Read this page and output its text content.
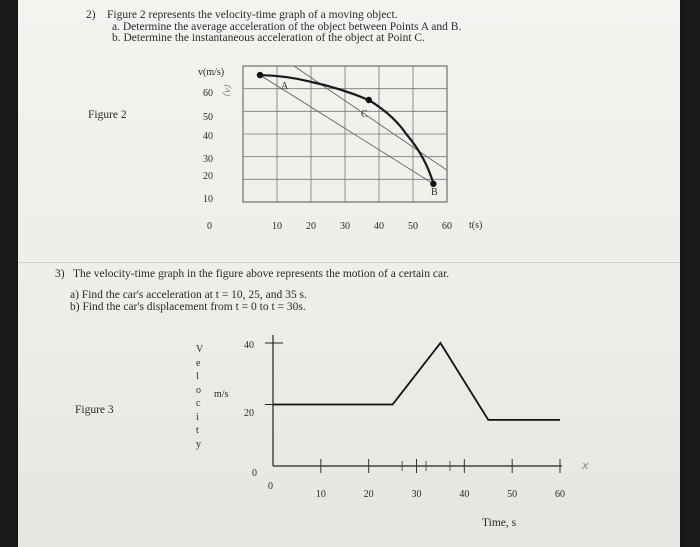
2) Figure 2 represents the velocity-time graph of a moving object.
a. Determine the average acceleration of the object between Points A and B.
b. Determine the instantaneous acceleration of the object at Point C.
Figure 2
v(m/s)
t(s)
60
50
40
30
20
10
0	10 20 30 40 50 60
A
C
B
(v)
3) The velocity-time graph in the figure above represents the motion of a certain car.
a) Find the car's acceleration at t = 10, 25, and 35 s.
b) Find the car's displacement from t = 0 to t = 30s.
Figure 3
V
e
l
o
c
i
t
y
m/s
40
20
0
10	20	30	40	50	60
0
Time, s
x
